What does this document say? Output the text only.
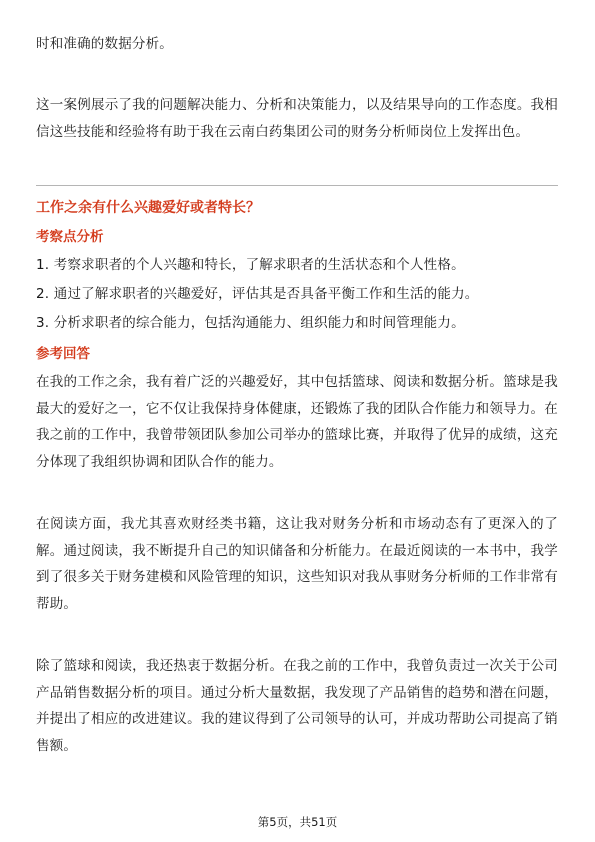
时和准确的数据分析。

这一案例展示了我的问题解决能力、分析和决策能力，以及结果导向的工作态度。我相信这些技能和经验将有助于我在云南白药集团公司的财务分析师岗位上发挥出色。

工作之余有什么兴趣爱好或者特长？
考察点分析
1. 考察求职者的个人兴趣和特长，了解求职者的生活状态和个人性格。
2. 通过了解求职者的兴趣爱好，评估其是否具备平衡工作和生活的能力。
3. 分析求职者的综合能力，包括沟通能力、组织能力和时间管理能力。
参考回答

在我的工作之余，我有着广泛的兴趣爱好，其中包括篮球、阅读和数据分析。篮球是我最大的爱好之一，它不仅让我保持身体健康，还锻炼了我的团队合作能力和领导力。在我之前的工作中，我曾带领团队参加公司举办的篮球比赛，并取得了优异的成绩，这充分体现了我组织协调和团队合作的能力。

在阅读方面，我尤其喜欢财经类书籍，这让我对财务分析和市场动态有了更深入的了解。通过阅读，我不断提升自己的知识储备和分析能力。在最近阅读的一本书中，我学到了很多关于财务建模和风险管理的知识，这些知识对我从事财务分析师的工作非常有帮助。

除了篮球和阅读，我还热衷于数据分析。在我之前的工作中，我曾负责过一次关于公司产品销售数据分析的项目。通过分析大量数据，我发现了产品销售的趋势和潜在问题，并提出了相应的改进建议。我的建议得到了公司领导的认可，并成功帮助公司提高了销售额。

第5页，共51页
